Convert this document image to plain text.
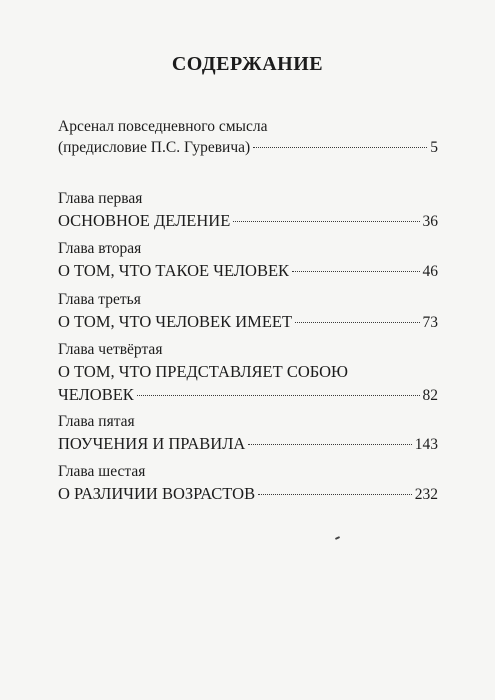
СОДЕРЖАНИЕ
Арсенал повседневного смысла
(предисловие П.С. Гуревича)	5
Глава первая
ОСНОВНОЕ ДЕЛЕНИЕ	36
Глава вторая
О ТОМ, ЧТО ТАКОЕ ЧЕЛОВЕК	46
Глава третья
О ТОМ, ЧТО ЧЕЛОВЕК ИМЕЕТ	73
Глава четвёртая
О ТОМ, ЧТО ПРЕДСТАВЛЯЕТ СОБОЮ
ЧЕЛОВЕК	82
Глава пятая
ПОУЧЕНИЯ И ПРАВИЛА	143
Глава шестая
О РАЗЛИЧИИ ВОЗРАСТОВ	232
